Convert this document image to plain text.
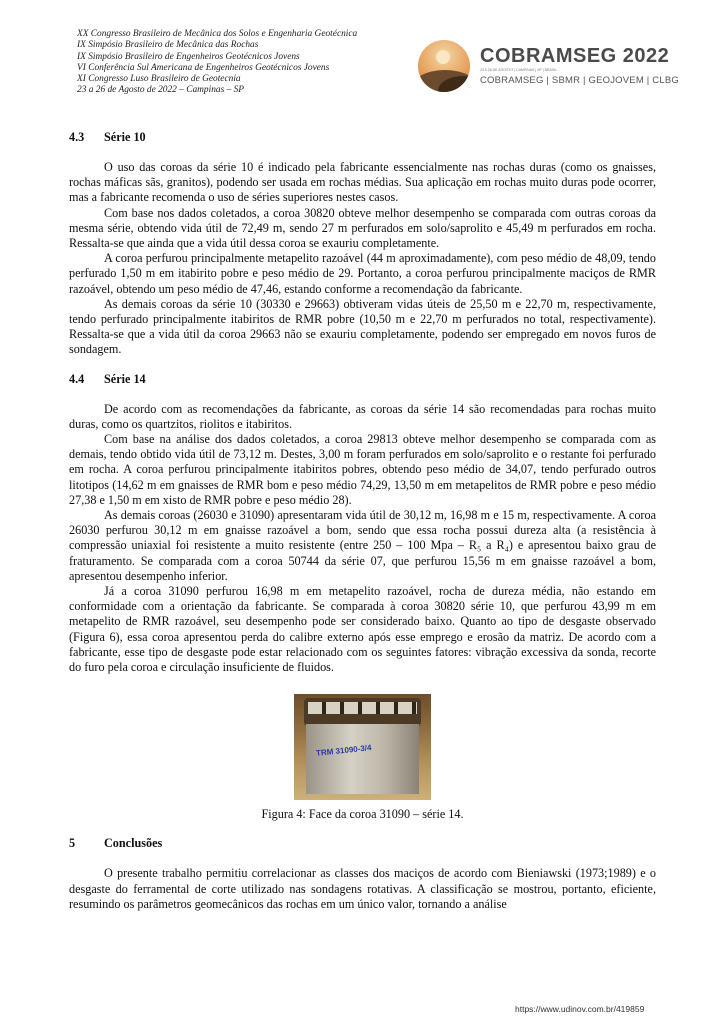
XX Congresso Brasileiro de Mecânica dos Solos e Engenharia Geotécnica
IX Simpósio Brasileiro de Mecânica das Rochas
IX Simpósio Brasileiro de Engenheiros Geotécnicos Jovens
VI Conferência Sul Americana de Engenheiros Geotécnicos Jovens
XI Congresso Luso Brasileiro de Geotecnia
23 a 26 de Agosto de 2022 – Campinas – SP
COBRAMSEG 2022
23 A 26 DE AGOSTO | CAMPINAS | SP | BRASIL
COBRAMSEG | SBMR | GEOJOVEM | CLBG
4.3 Série 10

O uso das coroas da série 10 é indicado pela fabricante essencialmente nas rochas duras (como os gnaisses, rochas máficas sãs, granitos), podendo ser usada em rochas médias. Sua aplicação em rochas muito duras pode ocorrer, mas a fabricante recomenda o uso de séries superiores nestes casos.

Com base nos dados coletados, a coroa 30820 obteve melhor desempenho se comparada com outras coroas da mesma série, obtendo vida útil de 72,49 m, sendo 27 m perfurados em solo/saprolito e 45,49 m perfurados em rocha. Ressalta-se que ainda que a vida útil dessa coroa se exauriu completamente.

A coroa perfurou principalmente metapelito razoável (44 m aproximadamente), com peso médio de 48,09, tendo perfurado 1,50 m em itabirito pobre e peso médio de 29. Portanto, a coroa perfurou principalmente maciços de RMR razoável, obtendo um peso médio de 47,46, estando conforme a recomendação da fabricante.

As demais coroas da série 10 (30330 e 29663) obtiveram vidas úteis de 25,50 m e 22,70 m, respectivamente, tendo perfurado principalmente itabiritos de RMR pobre (10,50 m e 22,70 m perfurados no total, respectivamente). Ressalta-se que a vida útil da coroa 29663 não se exauriu completamente, podendo ser empregado em novos furos de sondagem.

4.4 Série 14

De acordo com as recomendações da fabricante, as coroas da série 14 são recomendadas para rochas muito duras, como os quartzitos, riolitos e itabiritos.

Com base na análise dos dados coletados, a coroa 29813 obteve melhor desempenho se comparada com as demais, tendo obtido vida útil de 73,12 m. Destes, 3,00 m foram perfurados em solo/saprolito e o restante foi perfurado em rocha. A coroa perfurou principalmente itabiritos pobres, obtendo peso médio de 34,07, tendo perfurado outros litotipos (14,62 m em gnaisses de RMR bom e peso médio 74,29, 13,50 m em metapelitos de RMR pobre e peso médio 27,38 e 1,50 m em xisto de RMR pobre e peso médio 28).

As demais coroas (26030 e 31090) apresentaram vida útil de 30,12 m, 16,98 m e 15 m, respectivamente. A coroa 26030 perfurou 30,12 m em gnaisse razoável a bom, sendo que essa rocha possui dureza alta (a resistência à compressão uniaxial foi resistente a muito resistente (entre 250 – 100 Mpa – R₅ a R₄) e apresentou baixo grau de fraturamento. Se comparada com a coroa 50744 da série 07, que perfurou 15,56 m em gnaisse razoável a bom, apresentou desempenho inferior.

Já a coroa 31090 perfurou 16,98 m em metapelito razoável, rocha de dureza média, não estando em conformidade com a orientação da fabricante. Se comparada à coroa 30820 série 10, que perfurou 43,99 m em metapelito de RMR razoável, seu desempenho pode ser considerado baixo. Quanto ao tipo de desgaste observado (Figura 6), essa coroa apresentou perda do calibre externo após esse emprego e erosão da matriz. De acordo com a fabricante, esse tipo de desgaste pode estar relacionado com os seguintes fatores: vibração excessiva da sonda, recorte do furo pela coroa e circulação insuficiente de fluidos.

TRM 31090-3/4
Figura 4: Face da coroa 31090 – série 14.
5 Conclusões

O presente trabalho permitiu correlacionar as classes dos maciços de acordo com Bieniawski (1973;1989) e o desgaste do ferramental de corte utilizado nas sondagens rotativas. A classificação se mostrou, portanto, eficiente, resumindo os parâmetros geomecânicos das rochas em um único valor, tornando a análise

https://www.udinov.com.br/419859
